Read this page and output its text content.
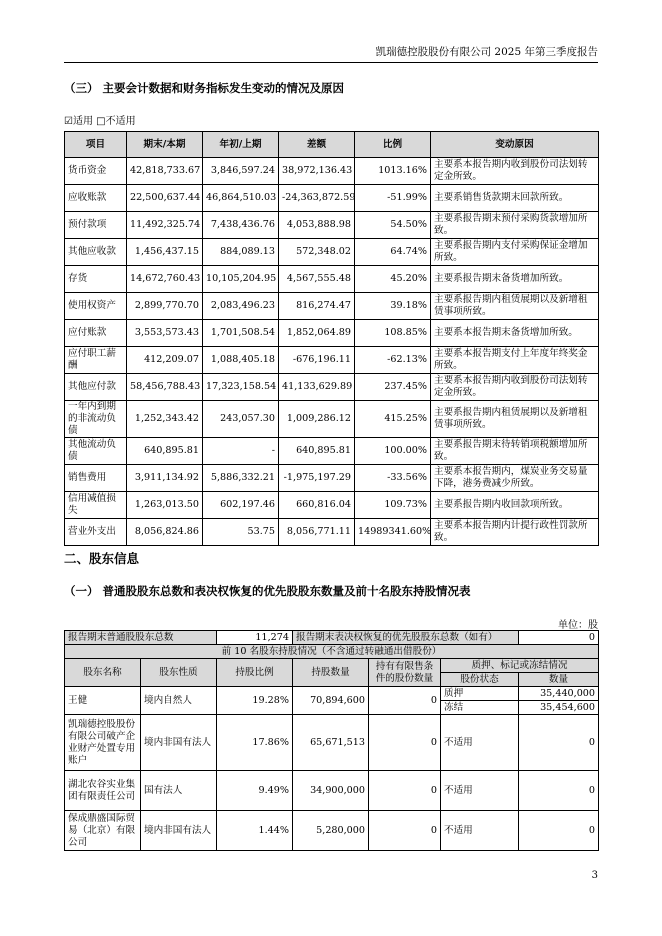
凯瑞德控股股份有限公司 2025 年第三季度报告
（三） 主要会计数据和财务指标发生变动的情况及原因
☑适用 □不适用
项目	期末/本期	年初/上期	差额	比例	变动原因
货币资金	42,818,733.67	3,846,597.24	38,972,136.43	1013.16%	主要系本报告期内收到股份司法划转定金所致。
应收账款	22,500,637.44	46,864,510.03	-24,363,872.59	-51.99%	主要系销售货款期末回款所致。
预付款项	11,492,325.74	7,438,436.76	4,053,888.98	54.50%	主要系报告期末预付采购货款增加所致。
其他应收款	1,456,437.15	884,089.13	572,348.02	64.74%	主要系报告期内支付采购保证金增加所致。
存货	14,672,760.43	10,105,204.95	4,567,555.48	45.20%	主要系报告期末备货增加所致。
使用权资产	2,899,770.70	2,083,496.23	816,274.47	39.18%	主要系报告期内租赁展期以及新增租赁事项所致。
应付账款	3,553,573.43	1,701,508.54	1,852,064.89	108.85%	主要系本报告期末备货增加所致。
应付职工薪酬	412,209.07	1,088,405.18	-676,196.11	-62.13%	主要系本报告期支付上年度年终奖金所致。
其他应付款	58,456,788.43	17,323,158.54	41,133,629.89	237.45%	主要系本报告期内收到股份司法划转定金所致。
一年内到期的非流动负债	1,252,343.42	243,057.30	1,009,286.12	415.25%	主要系报告期内租赁展期以及新增租赁事项所致。
其他流动负债	640,895.81	-	640,895.81	100.00%	主要系报告期末待转销项税额增加所致。
销售费用	3,911,134.92	5,886,332.21	-1,975,197.29	-33.56%	主要系本报告期内，煤炭业务交易量下降，港务费减少所致。
信用减值损失	1,263,013.50	602,197.46	660,816.04	109.73%	主要系报告期内收回款项所致。
营业外支出	8,056,824.86	53.75	8,056,771.11	14989341.60%	主要系本报告期内计提行政性罚款所致。
二、股东信息
（一） 普通股股东总数和表决权恢复的优先股股东数量及前十名股东持股情况表
单位：股
报告期末普通股股东总数		11,274	报告期末表决权恢复的优先股股东总数（如有）			0
前 10 名股东持股情况（不含通过转融通出借股份）						
股东名称	股东性质	持股比例	持股数量	持有有限售条件的股份数量	质押、标记或冻结情况	
					股份状态	数量
王健	境内自然人	19.28%	70,894,600	0	质押	35,440,000
					冻结	35,454,600
凯瑞德控股股份有限公司破产企业财产处置专用账户	境内非国有法人	17.86%	65,671,513	0	不适用	0
湖北农谷实业集团有限责任公司	国有法人	9.49%	34,900,000	0	不适用	0
保成鼎盛国际贸易（北京）有限公司	境内非国有法人	1.44%	5,280,000	0	不适用	0
3
